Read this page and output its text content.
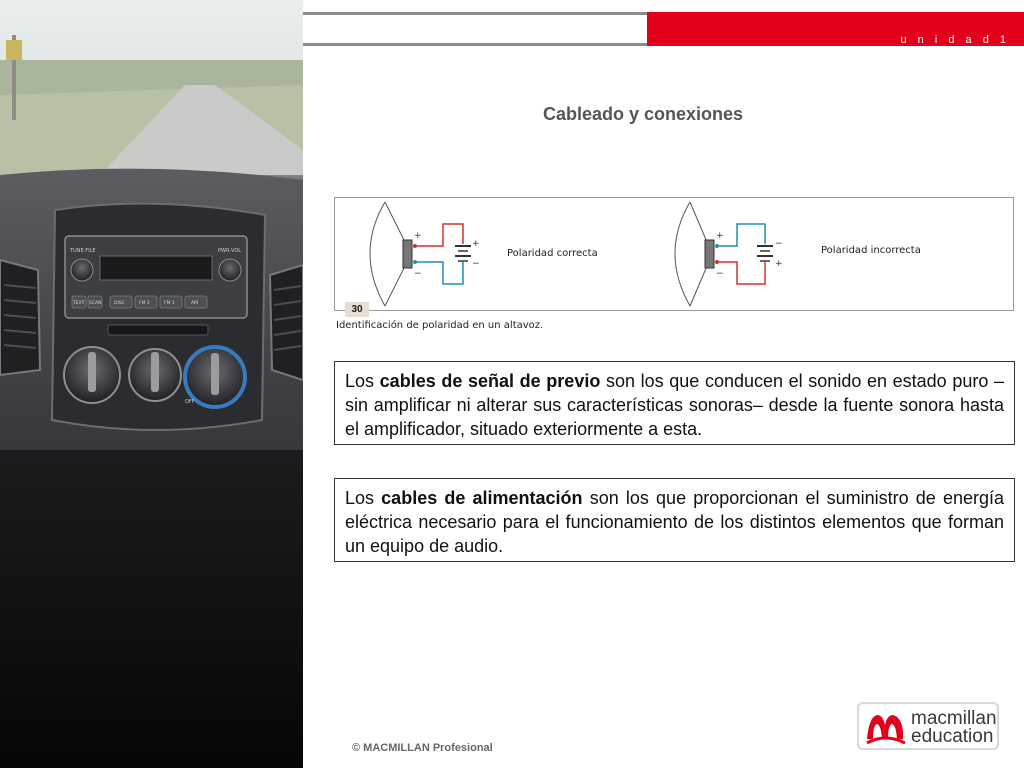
TUNE·FILE	PWR·VOL
TEXT SCAN	DISC	FM 2	FM 1	AM
OFF
u n i d a d 1
Cableado y conexiones
+
−
+
−
Polaridad correcta
+
−
−
+
Polaridad incorrecta
30
Identificación de polaridad en un altavoz.
Los cables de señal de previo son los que conducen el sonido en estado puro –sin amplificar ni alterar sus características sonoras– desde la fuente sonora hasta el amplificador, situado exteriormente a esta.
Los cables de alimentación son los que proporcionan el suministro de energía eléctrica necesario para el funcionamiento de los distintos elementos que forman un equipo de audio.
© MACMILLAN Profesional
macmillan
education
